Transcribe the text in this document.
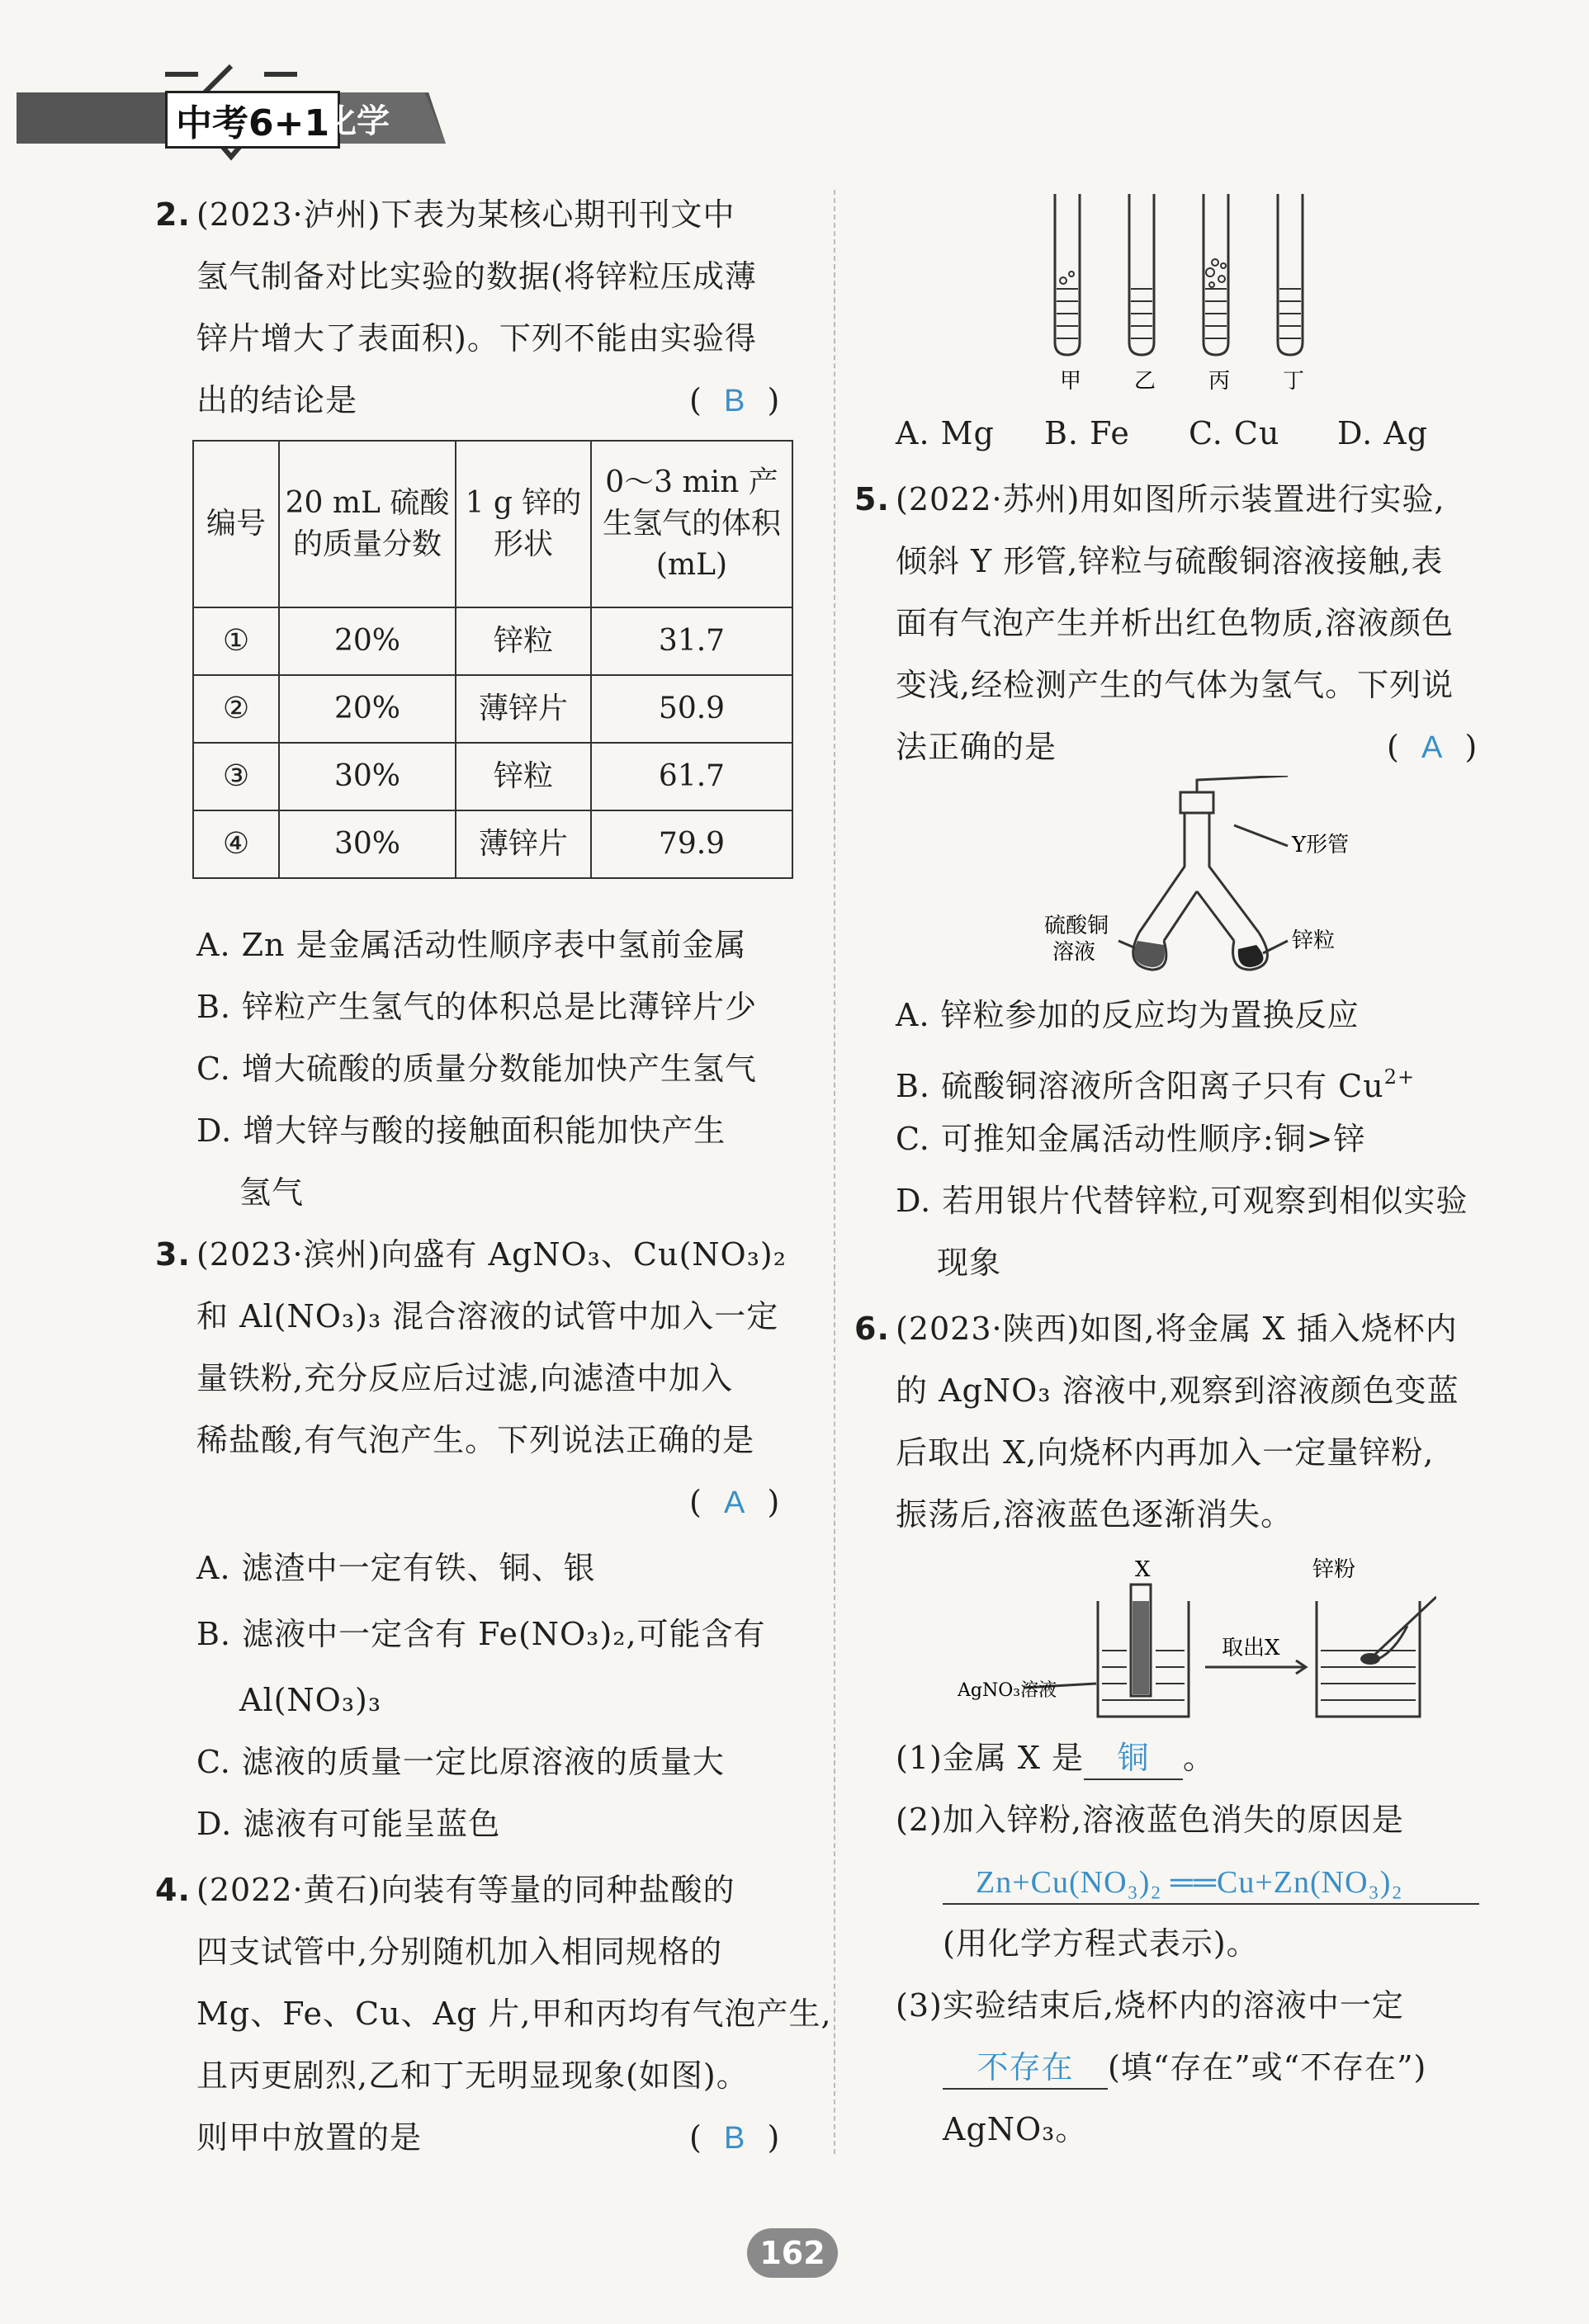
中考6+1
化学
2. (2023·泸州)下表为某核心期刊刊文中
氢气制备对比实验的数据(将锌粒压成薄
锌片增大了表面积)。下列不能由实验得
出的结论是	(  B  )
编号	20 mL 硫酸的质量分数	1 g 锌的形状	0～3 min 产生氢气的体积(mL)
①	20%	锌粒	31.7
②	20%	薄锌片	50.9
③	30%	锌粒	61.7
④	30%	薄锌片	79.9
A. Zn 是金属活动性顺序表中氢前金属
B. 锌粒产生氢气的体积总是比薄锌片少
C. 增大硫酸的质量分数能加快产生氢气
D. 增大锌与酸的接触面积能加快产生
氢气
3. (2023·滨州)向盛有 AgNO₃、Cu(NO₃)₂
和 Al(NO₃)₃ 混合溶液的试管中加入一定
量铁粉,充分反应后过滤,向滤渣中加入
稀盐酸,有气泡产生。下列说法正确的是
(  A  )
A. 滤渣中一定有铁、铜、银
B. 滤液中一定含有 Fe(NO₃)₂,可能含有
Al(NO₃)₃
C. 滤液的质量一定比原溶液的质量大
D. 滤液有可能呈蓝色
4. (2022·黄石)向装有等量的同种盐酸的
四支试管中,分别随机加入相同规格的
Mg、Fe、Cu、Ag 片,甲和丙均有气泡产生,
且丙更剧烈,乙和丁无明显现象(如图)。
则甲中放置的是	(  B  )
甲 乙 丙 丁
A. Mg B. Fe C. Cu D. Ag
5. (2022·苏州)用如图所示装置进行实验,
倾斜 Y 形管,锌粒与硫酸铜溶液接触,表
面有气泡产生并析出红色物质,溶液颜色
变浅,经检测产生的气体为氢气。下列说
法正确的是	(  A  )
Y形管
硫酸铜
溶液	锌粒
A. 锌粒参加的反应均为置换反应
B. 硫酸铜溶液所含阳离子只有 $Cu^{2+}$
C. 可推知金属活动性顺序:铜>锌
D. 若用银片代替锌粒,可观察到相似实验
现象
6. (2023·陕西)如图,将金属 X 插入烧杯内
的 AgNO₃ 溶液中,观察到溶液颜色变蓝
后取出 X,向烧杯内再加入一定量锌粉,
振荡后,溶液蓝色逐渐消失。
X
AgNO₃溶液
取出X
锌粉
(1)金属 X 是 铜 。
(2)加入锌粉,溶液蓝色消失的原因是
Zn+Cu(NO₃)₂ ══Cu+Zn(NO₃)₂
(用化学方程式表示)。
(3)实验结束后,烧杯内的溶液中一定
不存在 (填“存在”或“不存在”)
AgNO₃。
162
